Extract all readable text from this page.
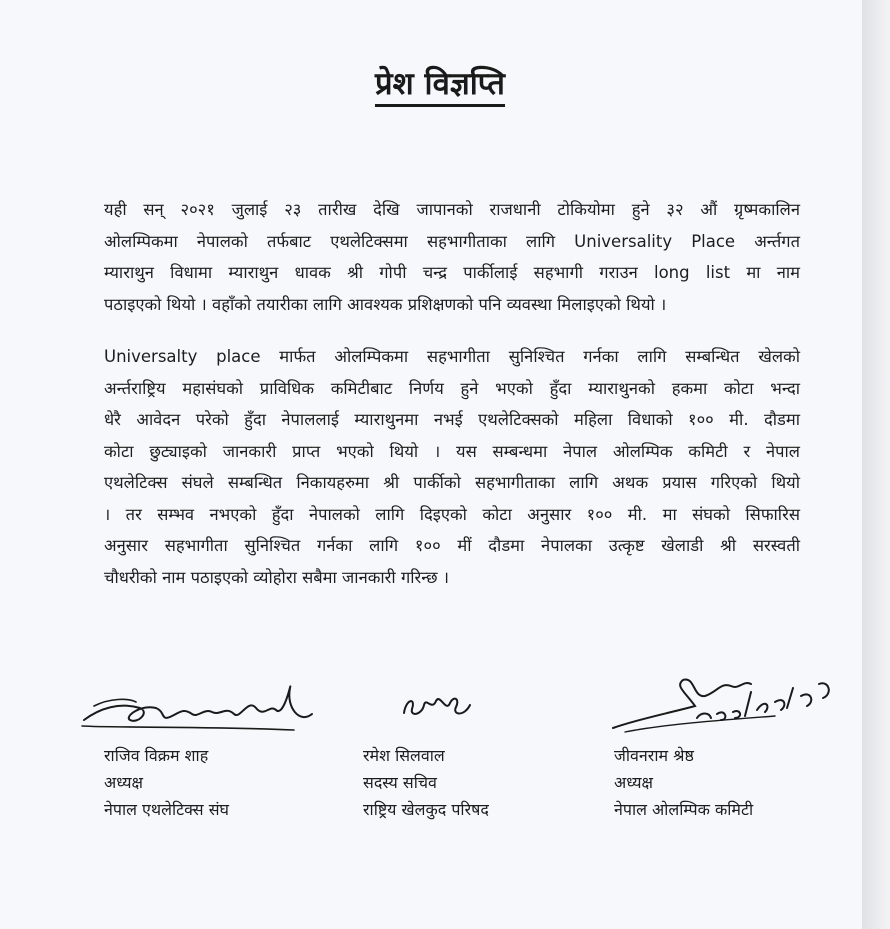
प्रेश विज्ञप्ति
यही सन् २०२१ जुलाई २३ तारीख देखि जापानको राजधानी टोकियोमा हुने ३२ औं ग्रृष्मकालिन
ओलम्पिकमा नेपालको तर्फबाट एथलेटिक्समा सहभागीताका लागि Universality Place अर्न्तगत
म्याराथुन विधामा म्याराथुन धावक श्री गोपी चन्द्र पार्कीलाई सहभागी गराउन long list मा नाम
पठाइएको थियो । वहाँको तयारीका लागि आवश्यक प्रशिक्षणको पनि व्यवस्था मिलाइएको थियो ।
Universalty place मार्फत ओलम्पिकमा सहभागीता सुनिश्चित गर्नका लागि सम्बन्धित खेलको
अर्न्तराष्ट्रिय महासंघको प्राविधिक कमिटीबाट निर्णय हुने भएको हुँदा म्याराथुनको हकमा कोटा भन्दा
धेरै आवेदन परेको हुँदा नेपाललाई म्याराथुनमा नभई एथलेटिक्सको महिला विधाको १०० मी. दौडमा
कोटा छुट्याइको जानकारी प्राप्त भएको थियो । यस सम्बन्धमा नेपाल ओलम्पिक कमिटी र नेपाल
एथलेटिक्स संघले सम्बन्धित निकायहरुमा श्री पार्कीको सहभागीताका लागि अथक प्रयास गरिएको थियो
। तर सम्भव नभएको हुँदा नेपालको लागि दिइएको कोटा अनुसार १०० मी. मा संघको सिफारिस
अनुसार सहभागीता सुनिश्चित गर्नका लागि १०० मीं दौडमा नेपालका उत्कृष्ट खेलाडी श्री सरस्वती
चौधरीको नाम पठाइएको व्योहोरा सबैमा जानकारी गरिन्छ ।
राजिव विक्रम शाह
अध्यक्ष
नेपाल एथलेटिक्स संघ
रमेश सिलवाल
सदस्य सचिव
राष्ट्रिय खेलकुद परिषद
जीवनराम श्रेष्ठ
अध्यक्ष
नेपाल ओलम्पिक कमिटी
